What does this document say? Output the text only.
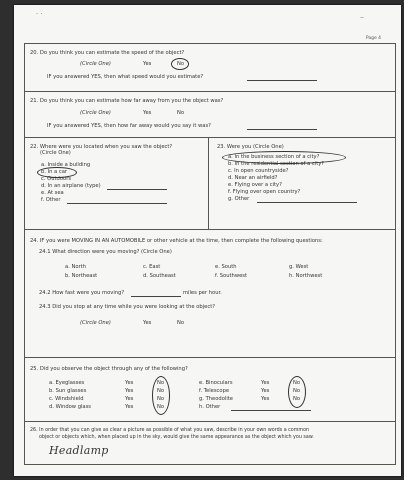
· ·	⌣
Page 4
20. Do you think you can estimate the speed of the object?
(Circle One)	Yes	No
IF you answered YES, then what speed would you estimate?
21. Do you think you can estimate how far away from you the object was?
(Circle One)	Yes	No
IF you answered YES, then how far away would you say it was?
22. Where were you located when you saw the object?
(Circle One)
a. Inside a building
b. In a car
c. Outdoors
d. In an airplane (type)
e. At sea
f. Other
23. Were you (Circle One)
a. In the business section of a city?
b. In the residential section of a city?
c. In open countryside?
d. Near an airfield?
e. Flying over a city?
f. Flying over open country?
g. Other
24. IF you were MOVING IN AN AUTOMOBILE or other vehicle at the time, then complete the following questions:
24.1 What direction were you moving? (Circle One)
a. North
b. Northeast
c. East
d. Southeast
e. South
f. Southwest
g. West
h. Northwest
24.2 How fast were you moving?	miles per hour.
24.3 Did you stop at any time while you were looking at the object?
(Circle One)	Yes	No
25. Did you observe the object through any of the following?
a. Eyeglasses	Yes	No
b. Sun glasses	Yes	No
c. Windshield	Yes	No
d. Window glass	Yes	No
e. Binoculars	Yes	No
f. Telescope	Yes	No
g. Theodolite	Yes	No
h. Other
26. In order that you can give as clear a picture as possible of what you saw, describe in your own words a common
object or objects which, when placed up in the sky, would give the same appearance as the object which you saw.
Headlamp
